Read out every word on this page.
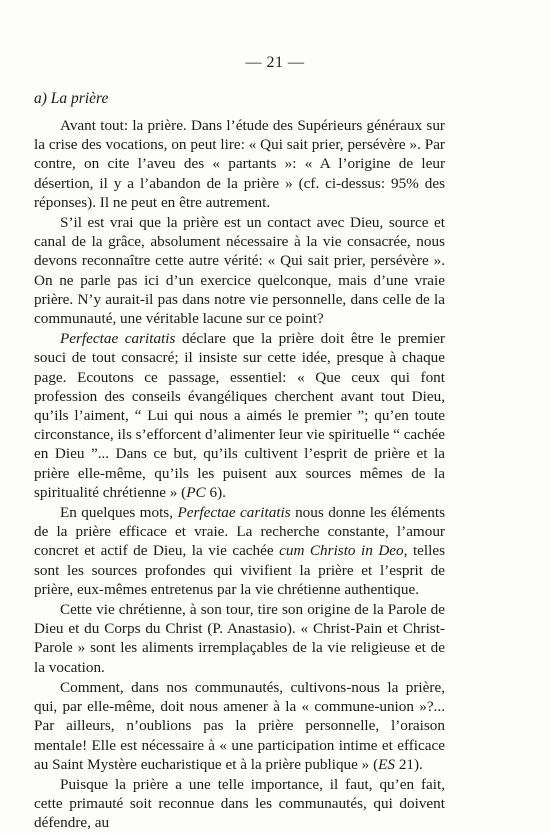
— 21 —
a) La prière

Avant tout: la prière. Dans l’étude des Supérieurs généraux sur la crise des vocations, on peut lire: « Qui sait prier, persévère ». Par contre, on cite l’aveu des « partants »: « A l’origine de leur désertion, il y a l’abandon de la prière » (cf. ci-dessus: 95% des réponses). Il ne peut en être autrement.

S’il est vrai que la prière est un contact avec Dieu, source et canal de la grâce, absolument nécessaire à la vie consacrée, nous devons reconnaître cette autre vérité: « Qui sait prier, persévère ». On ne parle pas ici d’un exercice quelconque, mais d’une vraie prière. N’y aurait-il pas dans notre vie personnelle, dans celle de la communauté, une véritable lacune sur ce point?

Perfectae caritatis déclare que la prière doit être le premier souci de tout consacré; il insiste sur cette idée, presque à chaque page. Ecoutons ce passage, essentiel: « Que ceux qui font profession des conseils évangéliques cherchent avant tout Dieu, qu’ils l’aiment, “ Lui qui nous a aimés le premier ”; qu’en toute circonstance, ils s’efforcent d’alimenter leur vie spirituelle “ cachée en Dieu ”... Dans ce but, qu’ils cultivent l’esprit de prière et la prière elle-même, qu’ils les puisent aux sources mêmes de la spiritualité chrétienne » (PC 6).

En quelques mots, Perfectae caritatis nous donne les éléments de la prière efficace et vraie. La recherche constante, l’amour concret et actif de Dieu, la vie cachée cum Christo in Deo, telles sont les sources profondes qui vivifient la prière et l’esprit de prière, eux-mêmes entretenus par la vie chrétienne authentique.

Cette vie chrétienne, à son tour, tire son origine de la Parole de Dieu et du Corps du Christ (P. Anastasio). « Christ-Pain et Christ-Parole » sont les aliments irremplaçables de la vie religieuse et de la vocation.

Comment, dans nos communautés, cultivons-nous la prière, qui, par elle-même, doit nous amener à la « commune-union »?... Par ailleurs, n’oublions pas la prière personnelle, l’oraison mentale! Elle est nécessaire à « une participation intime et efficace au Saint Mystère eucharistique et à la prière publique » (ES 21).

Puisque la prière a une telle importance, il faut, qu’en fait, cette primauté soit reconnue dans les communautés, qui doivent défendre, au
